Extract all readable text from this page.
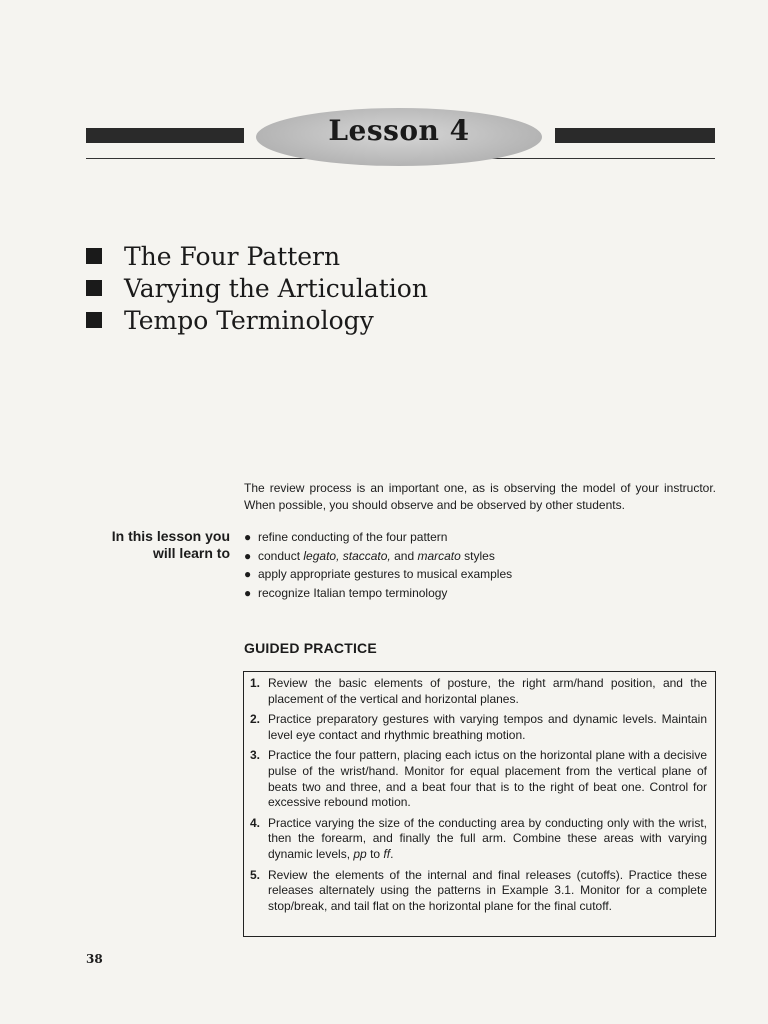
Lesson 4
The Four Pattern
Varying the Articulation
Tempo Terminology

The review process is an important one, as is observing the model of your instructor. When possible, you should observe and be observed by other students.

In this lesson you
will learn to
● refine conducting of the four pattern
● conduct legato, staccato, and marcato styles
● apply appropriate gestures to musical examples
● recognize Italian tempo terminology
GUIDED PRACTICE
1. Review the basic elements of posture, the right arm/hand position, and the placement of the vertical and horizontal planes.
2. Practice preparatory gestures with varying tempos and dynamic levels. Maintain level eye contact and rhythmic breathing motion.
3. Practice the four pattern, placing each ictus on the horizontal plane with a decisive pulse of the wrist/hand. Monitor for equal placement from the vertical plane of beats two and three, and a beat four that is to the right of beat one. Control for excessive rebound motion.
4. Practice varying the size of the conducting area by conducting only with the wrist, then the forearm, and finally the full arm. Combine these areas with varying dynamic levels, pp to ff.
5. Review the elements of the internal and final releases (cutoffs). Practice these releases alternately using the patterns in Example 3.1. Monitor for a complete stop/break, and tail flat on the horizontal plane for the final cutoff.
38
